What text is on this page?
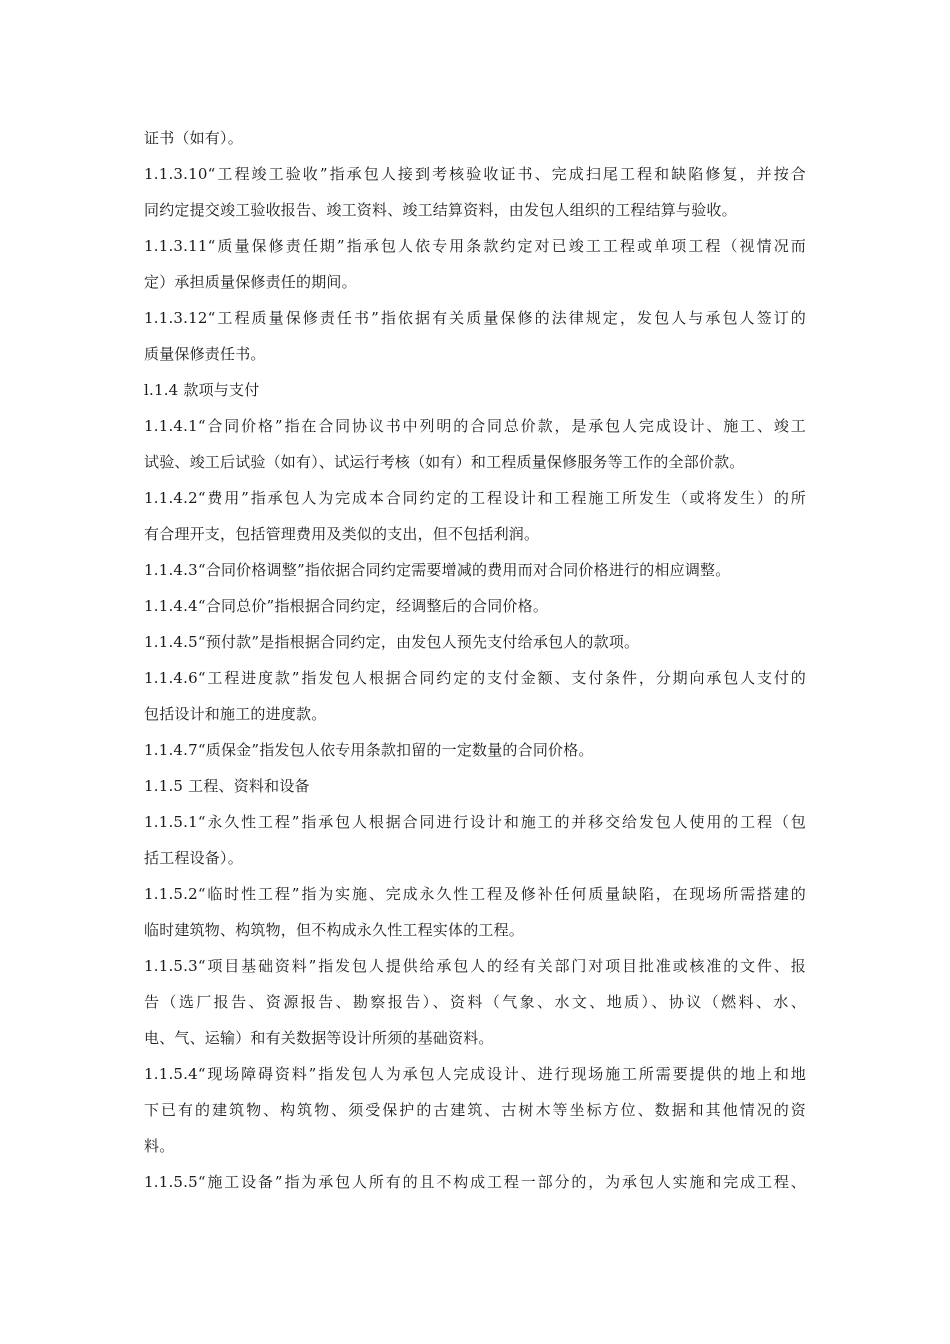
证书（如有）。
1.1.3.10“工程竣工验收”指承包人接到考核验收证书、完成扫尾工程和缺陷修复，并按合
同约定提交竣工验收报告、竣工资料、竣工结算资料，由发包人组织的工程结算与验收。
1.1.3.11“质量保修责任期”指承包人依专用条款约定对已竣工工程或单项工程（视情况而
定）承担质量保修责任的期间。
1.1.3.12“工程质量保修责任书”指依据有关质量保修的法律规定，发包人与承包人签订的
质量保修责任书。
l.1.4 款项与支付
1.1.4.1“合同价格”指在合同协议书中列明的合同总价款，是承包人完成设计、施工、竣工
试验、竣工后试验（如有）、试运行考核（如有）和工程质量保修服务等工作的全部价款。
1.1.4.2“费用”指承包人为完成本合同约定的工程设计和工程施工所发生（或将发生）的所
有合理开支，包括管理费用及类似的支出，但不包括利润。
1.1.4.3“合同价格调整”指依据合同约定需要增减的费用而对合同价格进行的相应调整。
1.1.4.4“合同总价”指根据合同约定，经调整后的合同价格。
1.1.4.5“预付款”是指根据合同约定，由发包人预先支付给承包人的款项。
1.1.4.6“工程进度款”指发包人根据合同约定的支付金额、支付条件，分期向承包人支付的
包括设计和施工的进度款。
1.1.4.7“质保金”指发包人依专用条款扣留的一定数量的合同价格。
1.1.5 工程、资料和设备
1.1.5.1“永久性工程”指承包人根据合同进行设计和施工的并移交给发包人使用的工程（包
括工程设备）。
1.1.5.2“临时性工程”指为实施、完成永久性工程及修补任何质量缺陷，在现场所需搭建的
临时建筑物、构筑物，但不构成永久性工程实体的工程。
1.1.5.3“项目基础资料”指发包人提供给承包人的经有关部门对项目批准或核准的文件、报
告（选厂报告、资源报告、勘察报告）、资料（气象、水文、地质）、协议（燃料、水、
电、气、运输）和有关数据等设计所须的基础资料。
1.1.5.4“现场障碍资料”指发包人为承包人完成设计、进行现场施工所需要提供的地上和地
下已有的建筑物、构筑物、须受保护的古建筑、古树木等坐标方位、数据和其他情况的资
料。
1.1.5.5“施工设备”指为承包人所有的且不构成工程一部分的，为承包人实施和完成工程、
